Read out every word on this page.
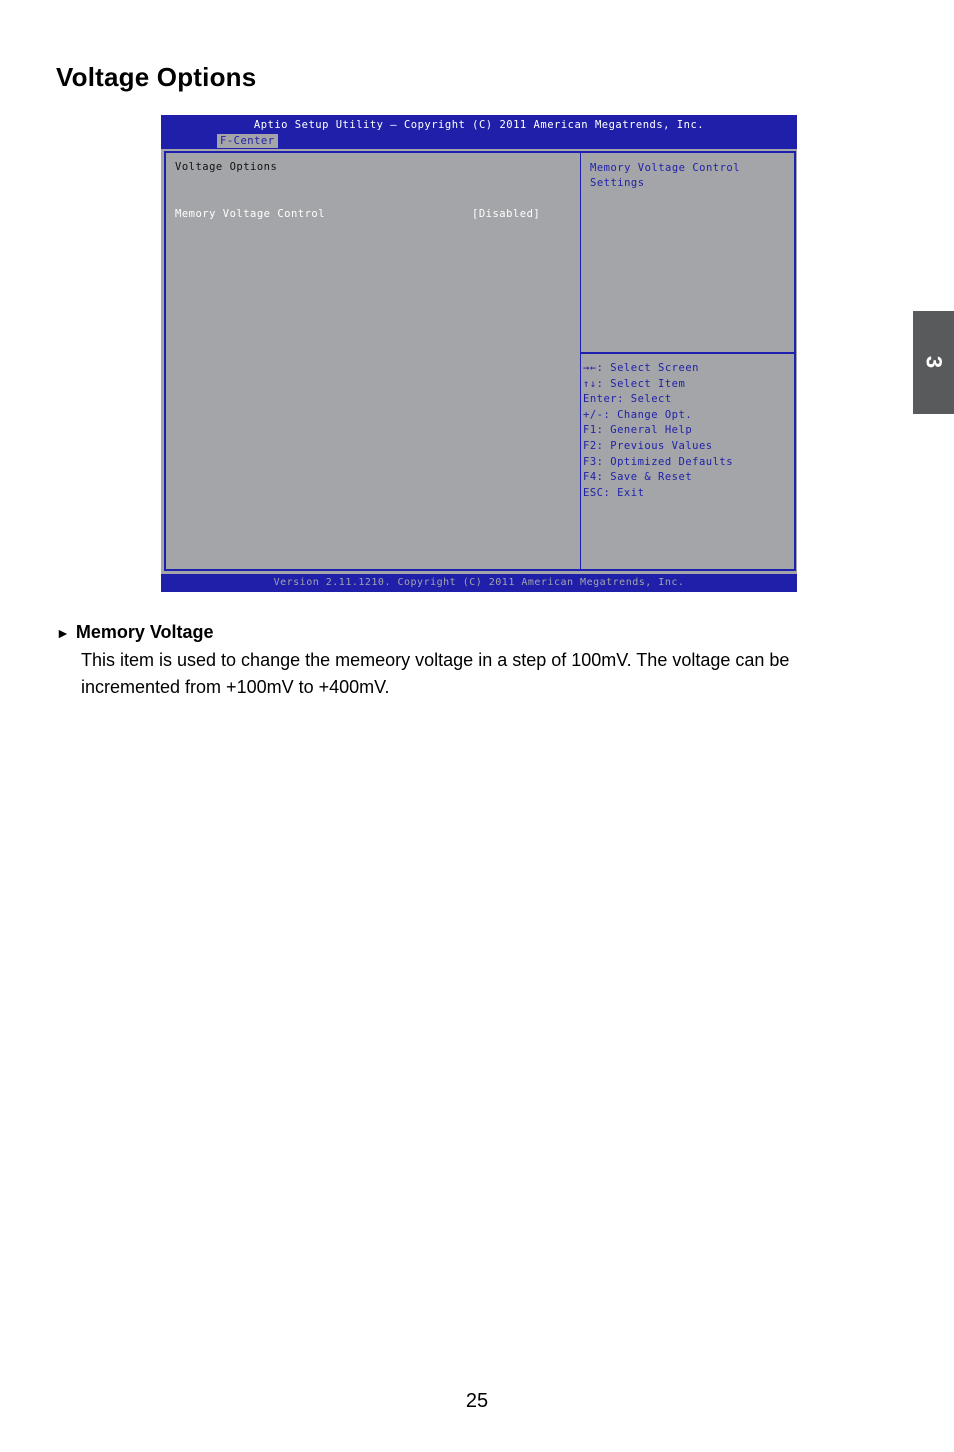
Voltage Options
3
Aptio Setup Utility – Copyright (C) 2011 American Megatrends, Inc.
F-Center
Voltage Options
Memory Voltage Control	[Disabled]
Memory Voltage Control
Settings
→←: Select Screen
↑↓: Select Item
Enter: Select
+/-: Change Opt.
F1: General Help
F2: Previous Values
F3: Optimized Defaults
F4: Save & Reset
ESC: Exit
Version 2.11.1210. Copyright (C) 2011 American Megatrends, Inc.
► Memory Voltage
This item is used to change the memeory voltage in a step of 100mV. The voltage can be incremented from +100mV to +400mV.
25
